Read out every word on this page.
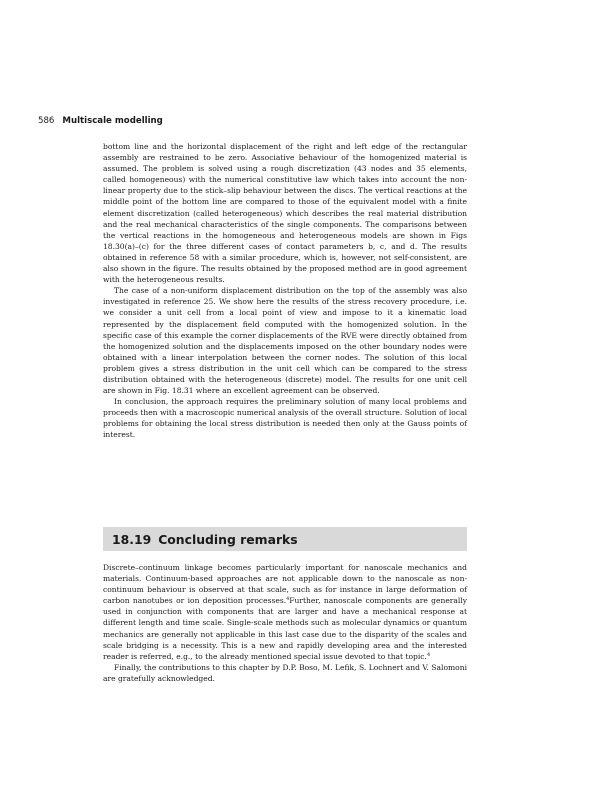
586 Multiscale modelling

bottom line and the horizontal displacement of the right and left edge of the rectangular assembly are restrained to be zero. Associative behaviour of the homogenized material is assumed. The problem is solved using a rough discretization (43 nodes and 35 elements, called homogeneous) with the numerical constitutive law which takes into account the non-linear property due to the stick–slip behaviour between the discs. The vertical reactions at the middle point of the bottom line are compared to those of the equivalent model with a finite element discretization (called heterogeneous) which describes the real material distribution and the real mechanical characteristics of the single components. The comparisons between the vertical reactions in the homogeneous and heterogeneous models are shown in Figs 18.30(a)–(c) for the three different cases of contact parameters b, c, and d. The results obtained in reference 58 with a similar procedure, which is, however, not self-consistent, are also shown in the figure. The results obtained by the proposed method are in good agreement with the heterogeneous results.

The case of a non-uniform displacement distribution on the top of the assembly was also investigated in reference 25. We show here the results of the stress recovery procedure, i.e. we consider a unit cell from a local point of view and impose to it a kinematic load represented by the displacement field computed with the homogenized solution. In the specific case of this example the corner displacements of the RVE were directly obtained from the homogenized solution and the displacements imposed on the other boundary nodes were obtained with a linear interpolation between the corner nodes. The solution of this local problem gives a stress distribution in the unit cell which can be compared to the stress distribution obtained with the heterogeneous (discrete) model. The results for one unit cell are shown in Fig. 18.31 where an excellent agreement can be observed.

In conclusion, the approach requires the preliminary solution of many local problems and proceeds then with a macroscopic numerical analysis of the overall structure. Solution of local problems for obtaining the local stress distribution is needed then only at the Gauss points of interest.

18.19 Concluding remarks

Discrete–continuum linkage becomes particularly important for nanoscale mechanics and materials. Continuum-based approaches are not applicable down to the nanoscale as non-continuum behaviour is observed at that scale, such as for instance in large deformation of carbon nanotubes or ion deposition processes.$^4$Further, nanoscale components are generally used in conjunction with components that are larger and have a mechanical response at different length and time scale. Single-scale methods such as molecular dynamics or quantum mechanics are generally not applicable in this last case due to the disparity of the scales and scale bridging is a necessity. This is a new and rapidly developing area and the interested reader is referred, e.g., to the already mentioned special issue devoted to that topic.$^4$

Finally, the contributions to this chapter by D.P. Boso, M. Lefik, S. Lochnert and V. Salomoni are gratefully acknowledged.
